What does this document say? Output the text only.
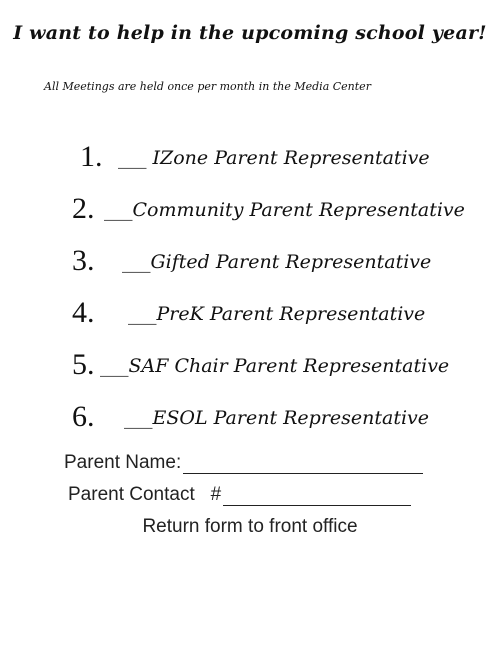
I want to help in the upcoming school year!
All Meetings are held once per month in the Media Center
1. ___ IZone Parent Representative
2. ___Community Parent Representative
3. ___Gifted Parent Representative
4. ___PreK Parent Representative
5. ___SAF Chair Parent Representative
6. ___ESOL Parent Representative
Parent Name:
Parent Contact   #
Return form to front office
